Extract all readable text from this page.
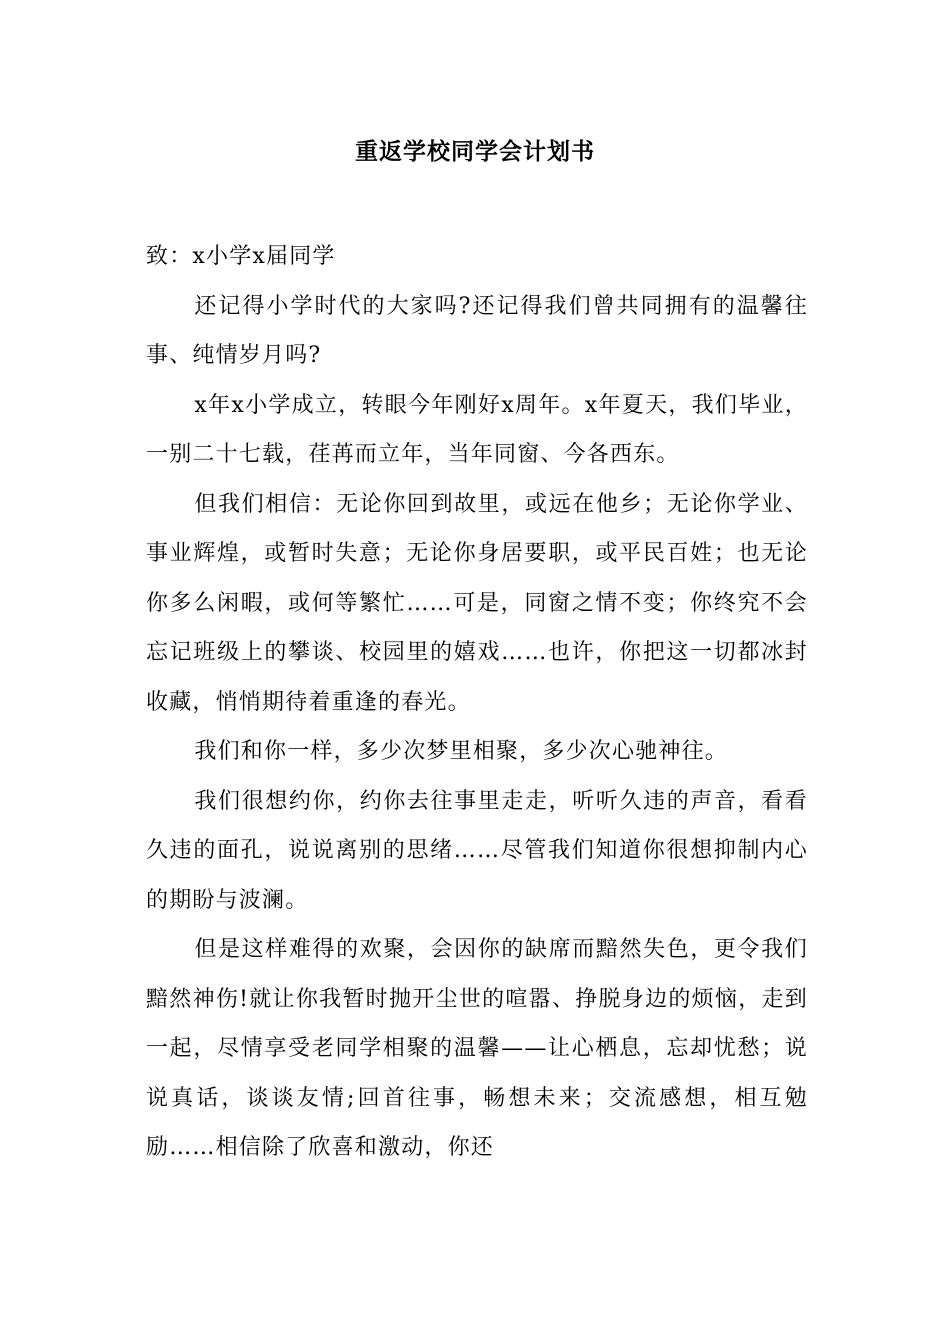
重返学校同学会计划书

致：x小学x届同学

还记得小学时代的大家吗?还记得我们曾共同拥有的温馨往事、纯情岁月吗?

x年x小学成立，转眼今年刚好x周年。x年夏天，我们毕业，一别二十七载，荏苒而立年，当年同窗、今各西东。

但我们相信：无论你回到故里，或远在他乡；无论你学业、事业辉煌，或暂时失意；无论你身居要职，或平民百姓；也无论你多么闲暇，或何等繁忙……可是，同窗之情不变；你终究不会忘记班级上的攀谈、校园里的嬉戏……也许，你把这一切都冰封收藏，悄悄期待着重逢的春光。

我们和你一样，多少次梦里相聚，多少次心驰神往。

我们很想约你，约你去往事里走走，听听久违的声音，看看久违的面孔，说说离别的思绪……尽管我们知道你很想抑制内心的期盼与波澜。

但是这样难得的欢聚，会因你的缺席而黯然失色，更令我们黯然神伤!就让你我暂时抛开尘世的喧嚣、挣脱身边的烦恼，走到一起，尽情享受老同学相聚的温馨——让心栖息，忘却忧愁；说说真话，谈谈友情;回首往事，畅想未来；交流感想，相互勉励……相信除了欣喜和激动，你还
